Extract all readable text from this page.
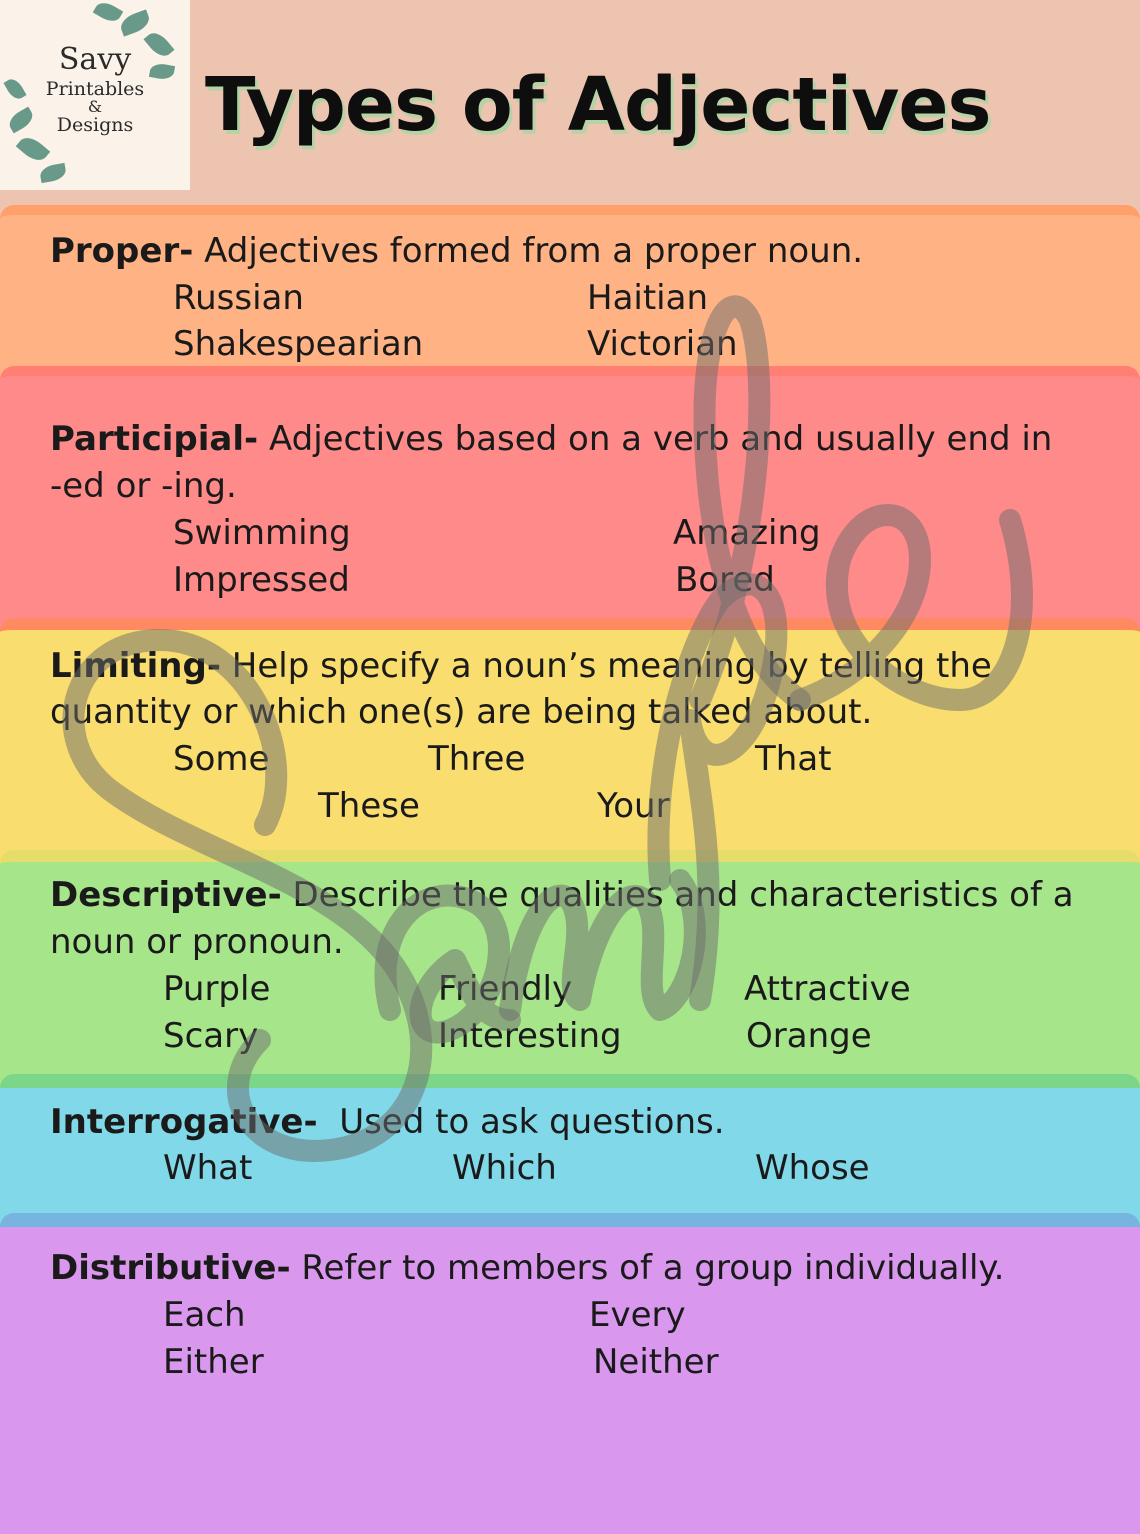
Savy
Printables
&
Designs Types of Adjectives
Proper- Adjectives formed from a proper noun.
Russian	Haitian
Shakespearian	Victorian
Participial- Adjectives based on a verb and usually end in
-ed or -ing.
Swimming	Amazing
Impressed	Bored
Limiting- Help specify a noun’s meaning by telling the
quantity or which one(s) are being talked about.
Some	Three	That
These	Your
Descriptive- Describe the qualities and characteristics of a
noun or pronoun.
Purple	Friendly	Attractive
Scary	Interesting	Orange
Interrogative-  Used to ask questions.
What	Which	Whose
Distributive- Refer to members of a group individually.
Each	Every
Either	Neither
